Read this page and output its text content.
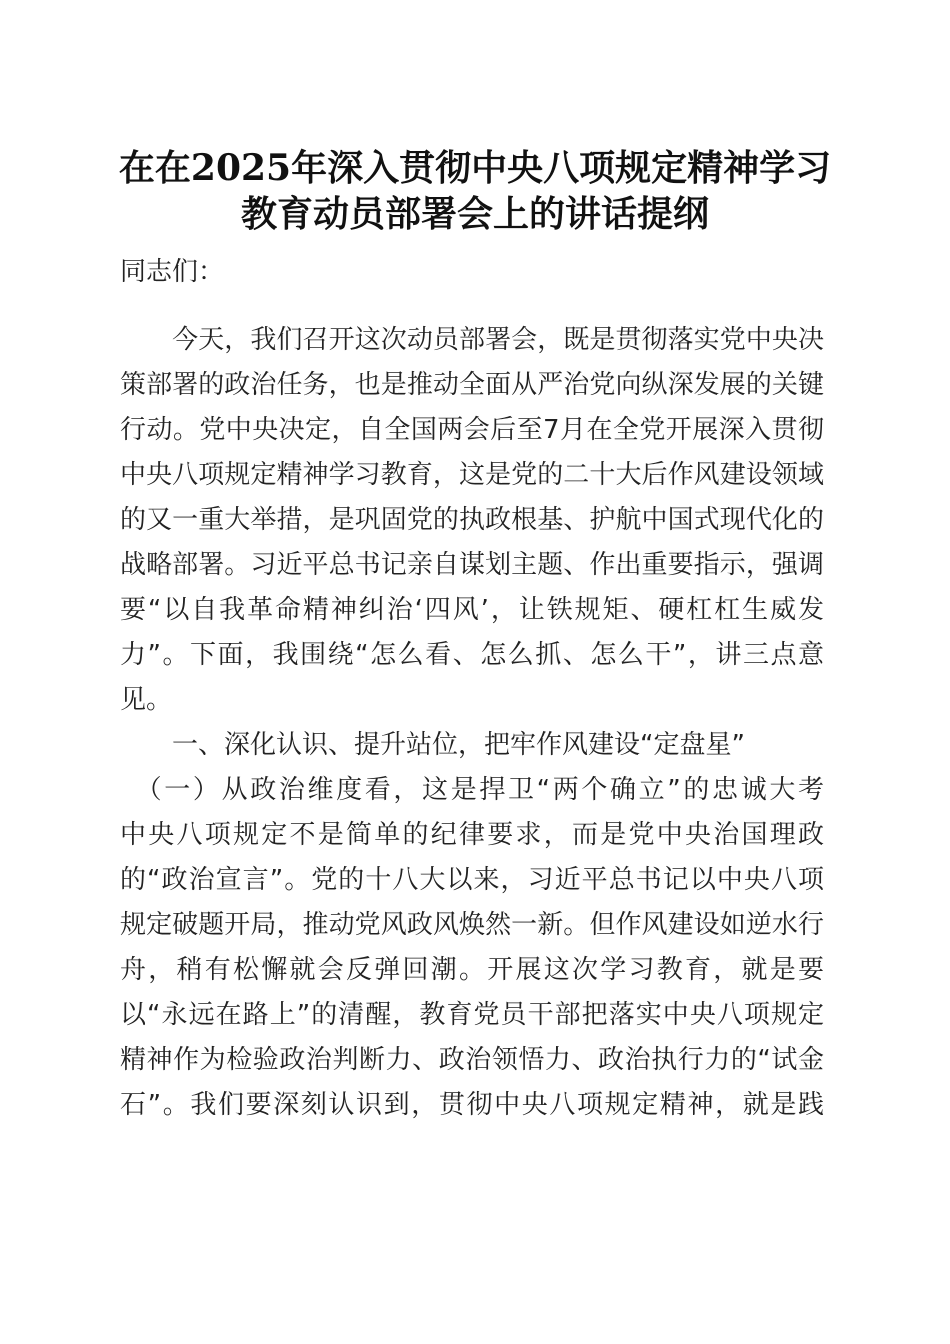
在在2025年深入贯彻中央八项规定精神学习
教育动员部署会上的讲话提纲

同志们：

　　今天，我们召开这次动员部署会，既是贯彻落实党中央决

策部署的政治任务，也是推动全面从严治党向纵深发展的关键

行动。党中央决定，自全国两会后至7月在全党开展深入贯彻

中央八项规定精神学习教育，这是党的二十大后作风建设领域

的又一重大举措，是巩固党的执政根基、护航中国式现代化的

战略部署。习近平总书记亲自谋划主题、作出重要指示，强调

要“以自我革命精神纠治‘四风’，让铁规矩、硬杠杠生威发

力”。下面，我围绕“怎么看、怎么抓、怎么干”，讲三点意

见。

　　一、深化认识、提升站位，把牢作风建设“定盘星”

　（一）从政治维度看，这是捍卫“两个确立”的忠诚大考

中央八项规定不是简单的纪律要求，而是党中央治国理政

的“政治宣言”。党的十八大以来，习近平总书记以中央八项

规定破题开局，推动党风政风焕然一新。但作风建设如逆水行

舟，稍有松懈就会反弹回潮。开展这次学习教育，就是要

以“永远在路上”的清醒，教育党员干部把落实中央八项规定

精神作为检验政治判断力、政治领悟力、政治执行力的“试金

石”。我们要深刻认识到，贯彻中央八项规定精神，就是践
